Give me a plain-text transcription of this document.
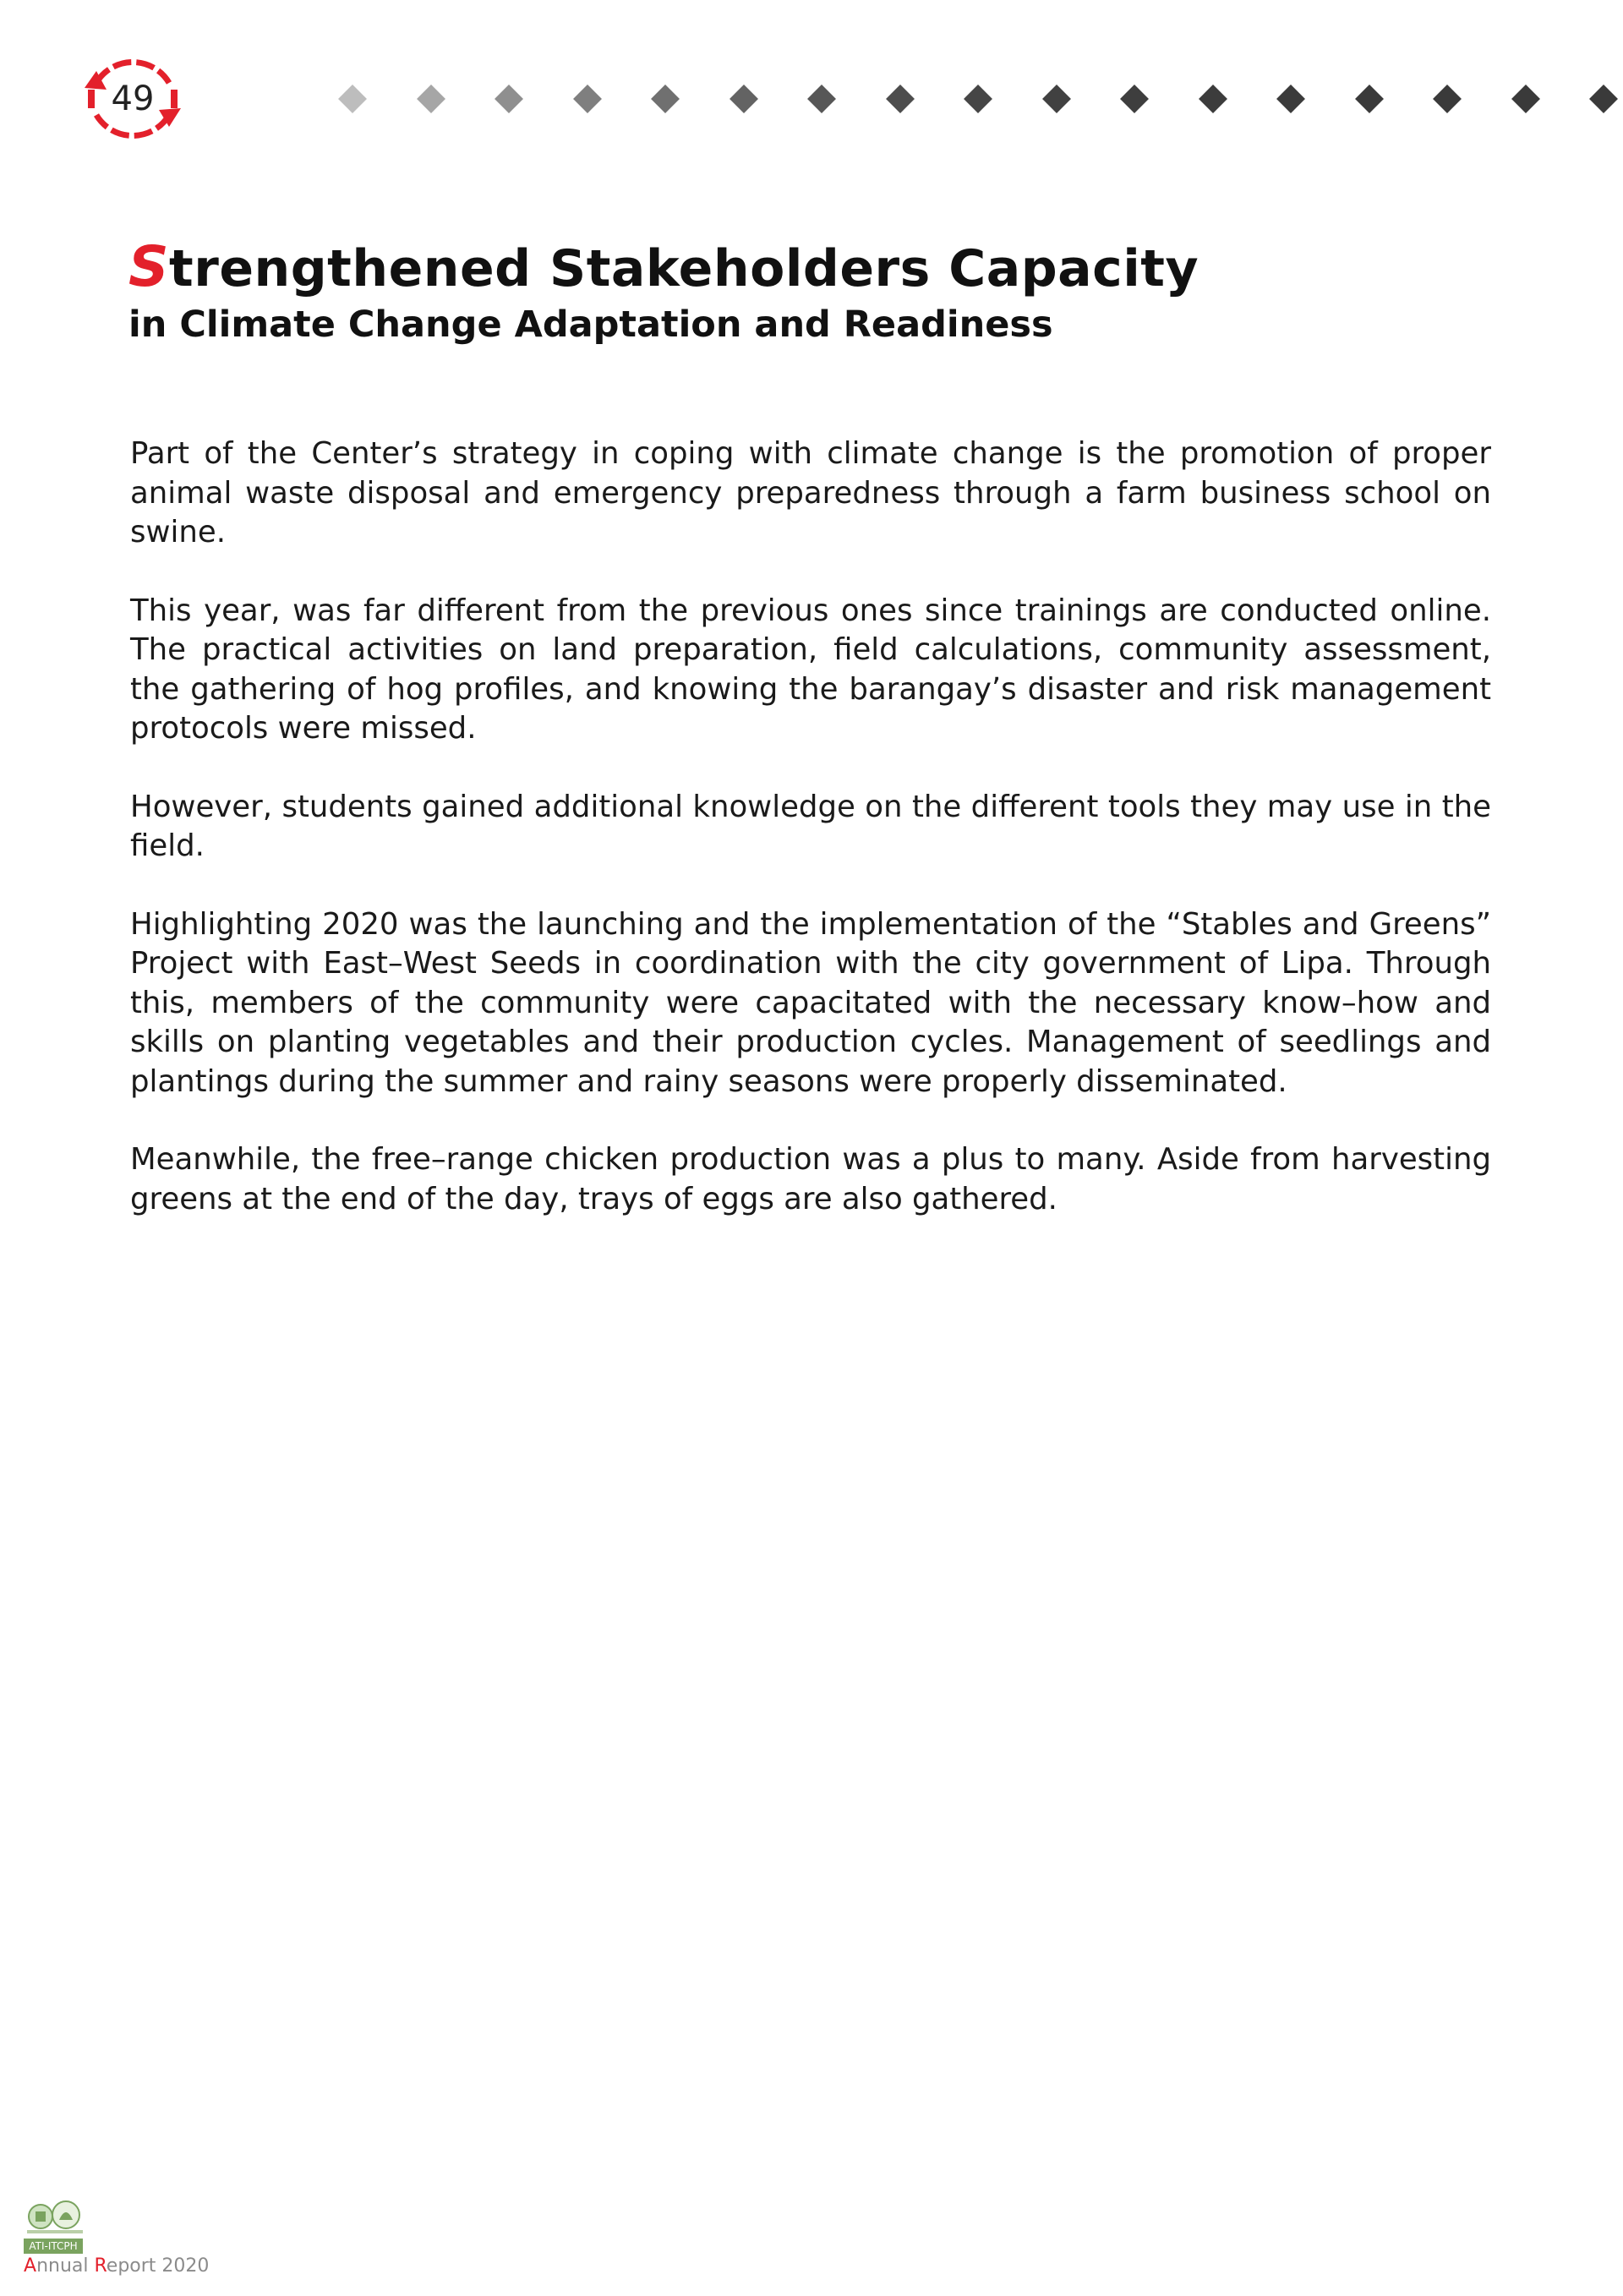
49
Strengthened Stakeholders Capacity
in Climate Change Adaptation and Readiness

Part of the Center’s strategy in coping with climate change is the promotion of proper animal waste disposal and emergency preparedness through a farm business school on swine.

This year, was far different from the previous ones since trainings are conducted online. The practical activities on land preparation, field calculations, community assessment, the gathering of hog profiles, and knowing the barangay’s disaster and risk management protocols were missed.

However, students gained additional knowledge on the different tools they may use in the field.

Highlighting 2020 was the launching and the implementation of the “Stables and Greens” Project with East–West Seeds in coordination with the city government of Lipa. Through this, members of the community were capacitated with the necessary know–how and skills on planting vegetables and their production cycles. Management of seedlings and plantings during the summer and rainy seasons were properly disseminated.

Meanwhile, the free–range chicken production was a plus to many. Aside from harvesting greens at the end of the day, trays of eggs are also gathered.

ATI-ITCPH
Annual Report 2020
